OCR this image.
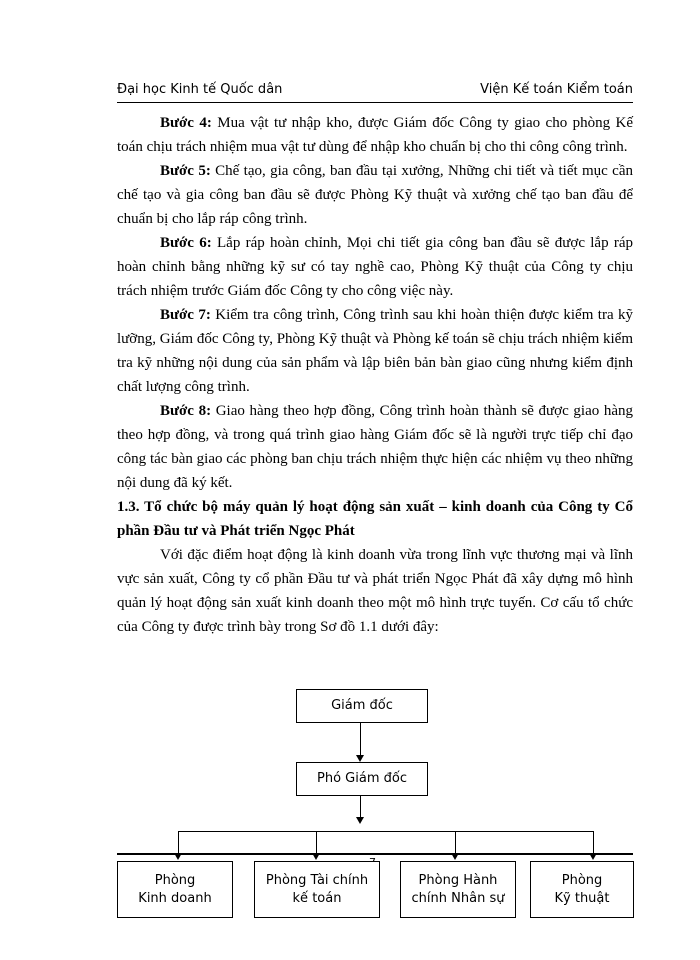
Đại học Kinh tế Quốc dân	Viện Kế toán Kiểm toán

Bước 4: Mua vật tư nhập kho, được Giám đốc Công ty giao cho phòng Kế toán chịu trách nhiệm mua vật tư dùng để nhập kho chuẩn bị cho thi công công trình.

Bước 5: Chế tạo, gia công, ban đầu tại xưởng, Những chi tiết và tiết mục cần chế tạo và gia công ban đầu sẽ được Phòng Kỹ thuật và xưởng chế tạo ban đầu để chuẩn bị cho lắp ráp công trình.

Bước 6: Lắp ráp hoàn chỉnh, Mọi chi tiết gia công ban đầu sẽ được lắp ráp hoàn chỉnh bằng những kỹ sư có tay nghề cao, Phòng Kỹ thuật của Công ty chịu trách nhiệm trước Giám đốc Công ty cho công việc này.

Bước 7: Kiểm tra công trình, Công trình sau khi hoàn thiện được kiểm tra kỹ lưỡng, Giám đốc Công ty, Phòng Kỹ thuật và Phòng kế toán sẽ chịu trách nhiệm kiểm tra kỹ những nội dung của sản phẩm và lập biên bản bàn giao cũng nhưng kiểm định chất lượng công trình.

Bước 8: Giao hàng theo hợp đồng, Công trình hoàn thành sẽ được giao hàng theo hợp đồng, và trong quá trình giao hàng Giám đốc sẽ là người trực tiếp chỉ đạo công tác bàn giao các phòng ban chịu trách nhiệm thực hiện các nhiệm vụ theo những nội dung đã ký kết.

1.3. Tổ chức bộ máy quản lý hoạt động sản xuất – kinh doanh của Công ty Cổ phần Đầu tư và Phát triển Ngọc Phát

Với đặc điểm hoạt động là kinh doanh vừa trong lĩnh vực thương mại và lĩnh vực sản xuất, Công ty cổ phần Đầu tư và phát triển Ngọc Phát đã xây dựng mô hình quản lý hoạt động sản xuất kinh doanh theo một mô hình trực tuyến. Cơ cấu tổ chức của Công ty được trình bày trong Sơ đồ 1.1 dưới đây:

Giám đốc
Phó Giám đốc
Phòng
Kinh doanh
Phòng Tài chính
kế toán
Phòng Hành
chính Nhân sự
Phòng
Kỹ thuật
